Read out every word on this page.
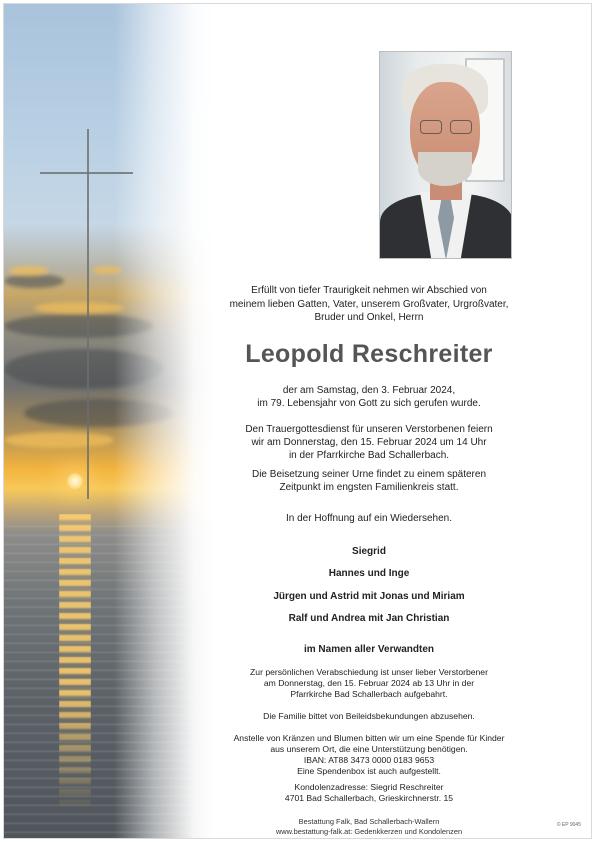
Erfüllt von tiefer Traurigkeit nehmen wir Abschied von
meinem lieben Gatten, Vater, unserem Großvater, Urgroßvater,
Bruder und Onkel, Herrn
Leopold Reschreiter
der am Samstag, den 3. Februar 2024,
im 79. Lebensjahr von Gott zu sich gerufen wurde.
Den Trauergottesdienst für unseren Verstorbenen feiern
wir am Donnerstag, den 15. Februar 2024 um 14 Uhr
in der Pfarrkirche Bad Schallerbach.
Die Beisetzung seiner Urne findet zu einem späteren
Zeitpunkt im engsten Familienkreis statt.
In der Hoffnung auf ein Wiedersehen.
Siegrid
Hannes und Inge
Jürgen und Astrid mit Jonas und Miriam
Ralf und Andrea mit Jan Christian
im Namen aller Verwandten
Zur persönlichen Verabschiedung ist unser lieber Verstorbener
am Donnerstag, den 15. Februar 2024 ab 13 Uhr in der
Pfarrkirche Bad Schallerbach aufgebahrt.
Die Familie bittet von Beileidsbekundungen abzusehen.
Anstelle von Kränzen und Blumen bitten wir um eine Spende für Kinder
aus unserem Ort, die eine Unterstützung benötigen.
IBAN: AT88 3473 0000 0183 9653
Eine Spendenbox ist auch aufgestellt.
Kondolenzadresse: Siegrid Reschreiter
4701 Bad Schallerbach, Grieskirchnerstr. 15
Bestattung Falk, Bad Schallerbach-Wallern
www.bestattung-falk.at: Gedenkkerzen und Kondolenzen
© EP 9045
